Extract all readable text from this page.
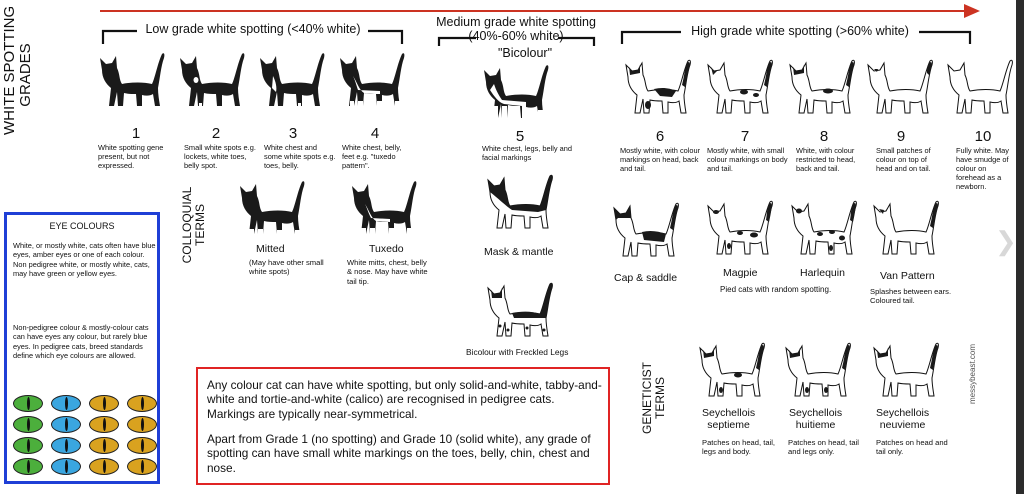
WHITE SPOTTING
GRADES
Low grade white spotting (<40% white)	Medium grade white spotting
(40%-60% white)
"Bicolour"
High grade white spotting (>60% white)
1	2	3	4	5	6	7	8	9	10
White spotting gene present, but not expressed.
Small white spots e.g. lockets, white toes, belly spot.
White chest and some white spots e.g. toes, belly.
White chest, belly, feet e.g. "tuxedo pattern".
White chest, legs, belly and facial markings
Mostly white, with colour markings on head, back and tail.
Mostly white, with small colour markings on body and tail.
White, with colour restricted to head, back and tail.
Small patches of colour on top of head and on tail.
Fully white. May have smudge of colour on forehead as a newborn.
COLLOQUIAL
TERMS
Mitted
(May have other small white spots)
Tuxedo
White mitts, chest, belly & nose. May have white tail tip.
Mask & mantle
Bicolour with Freckled Legs
Cap & saddle	Magpie	Harlequin
Pied cats with random spotting.
Van Pattern
Splashes between ears. Coloured tail.
GENETICIST
TERMS	Seychellois
septieme
Patches on head, tail, legs and body.
Seychellois
huitieme
Patches on head, tail and legs only.
Seychellois
neuvieme
Patches on head and tail only.
EYE COLOURS
White, or mostly white, cats often have blue eyes, amber eyes or one of each colour. Non pedigree white, or mostly white, cats, may have green or yellow eyes.
Non-pedigree colour & mostly-colour cats can have eyes any colour, but rarely blue eyes. In pedigree cats, breed standards define which eye colours are allowed.
Any colour cat can have white spotting, but only solid-and-white, tabby-and-white and tortie-and-white (calico) are recognised in pedigree cats. Markings are typically near-symmetrical.
Apart from Grade 1 (no spotting) and Grade 10 (solid white), any grade of spotting can have small white markings on the toes, belly, chin, chest and nose.
messybeast.com
❯
